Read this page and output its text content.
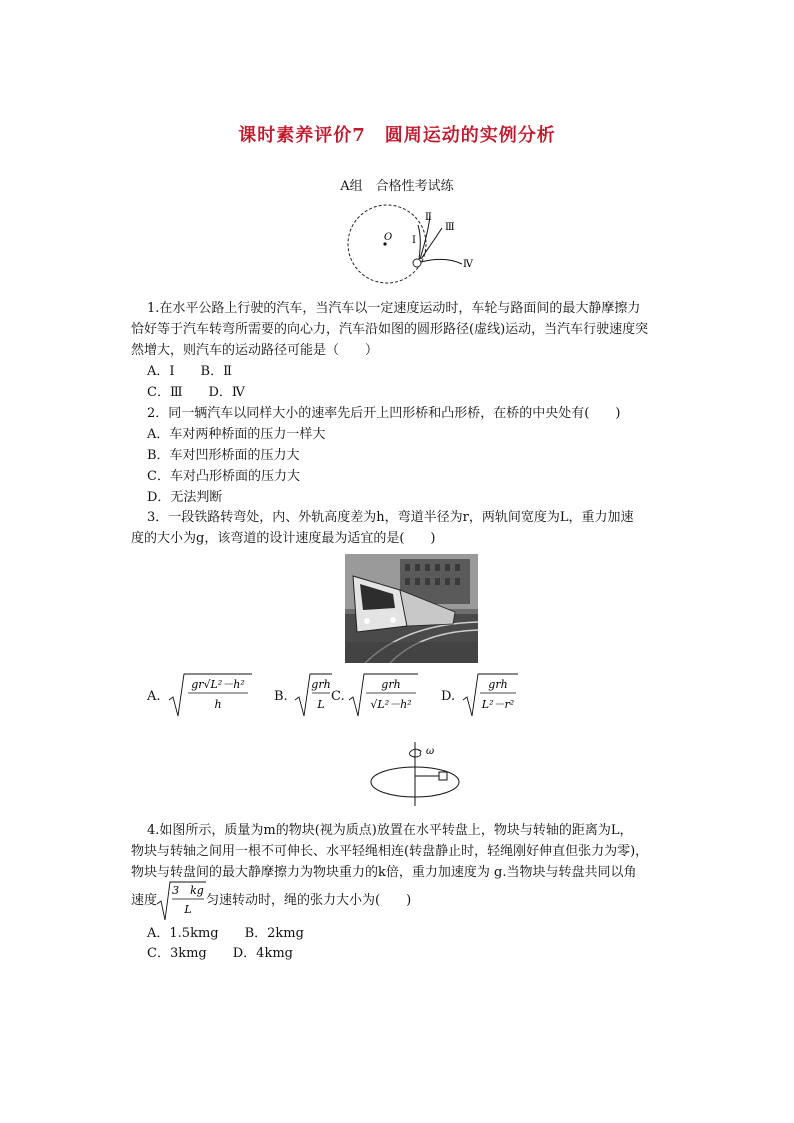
课时素养评价7　圆周运动的实例分析
A组　合格性考试练
O Ⅰ
Ⅱ
Ⅲ
Ⅳ
1.在水平公路上行驶的汽车，当汽车以一定速度运动时，车轮与路面间的最大静摩擦力
恰好等于汽车转弯所需要的向心力，汽车沿如图的圆形路径(虚线)运动，当汽车行驶速度突
然增大，则汽车的运动路径可能是（　　）
A．Ⅰ　　B．Ⅱ
C．Ⅲ　　D．Ⅳ
2．同一辆汽车以同样大小的速率先后开上凹形桥和凸形桥，在桥的中央处有(　　)
A．车对两种桥面的压力一样大
B．车对凹形桥面的压力大
C．车对凸形桥面的压力大
D．无法判断
3．一段铁路转弯处，内、外轨高度差为h，弯道半径为r，两轨间宽度为L，重力加速
度的大小为g，该弯道的设计速度最为适宜的是(　　)
A.
gr√L²－h²
h
B.
grh
L
C.
grh
√L²－h²
D.
grh
L²－r²
ω
4.如图所示，质量为m的物块(视为质点)放置在水平转盘上，物块与转轴的距离为L，
物块与转轴之间用一根不可伸长、水平轻绳相连(转盘静止时，轻绳刚好伸直但张力为零)，
物块与转盘间的最大静摩擦力为物块重力的k倍，重力加速度为 g.当物块与转盘共同以角
速度
3　kg
L
匀速转动时，绳的张力大小为(　　)
A．1.5kmg　　B．2kmg
C．3kmg　　D．4kmg
